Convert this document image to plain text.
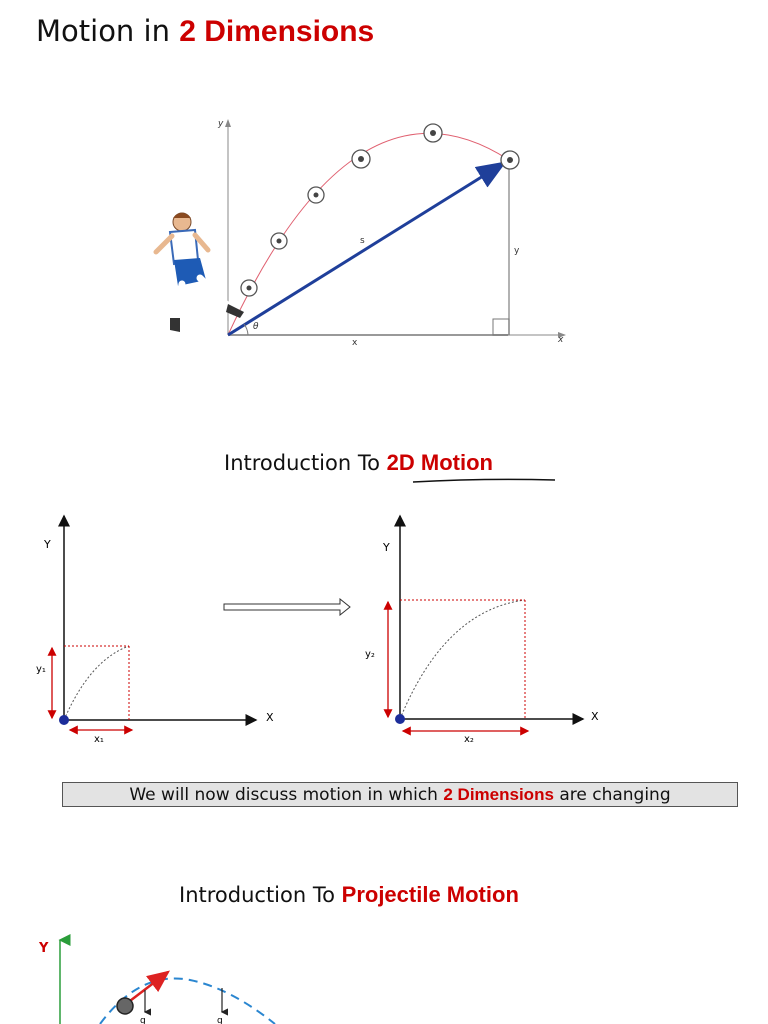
Motion in 2 Dimensions
y
x
x
y
s
θ
Introduction To 2D Motion
Y
X
y₁
x₁
Y
X
y₂
x₂
We will now discuss motion in which 2 Dimensions are changing
Introduction To Projectile Motion
Y
g	g
